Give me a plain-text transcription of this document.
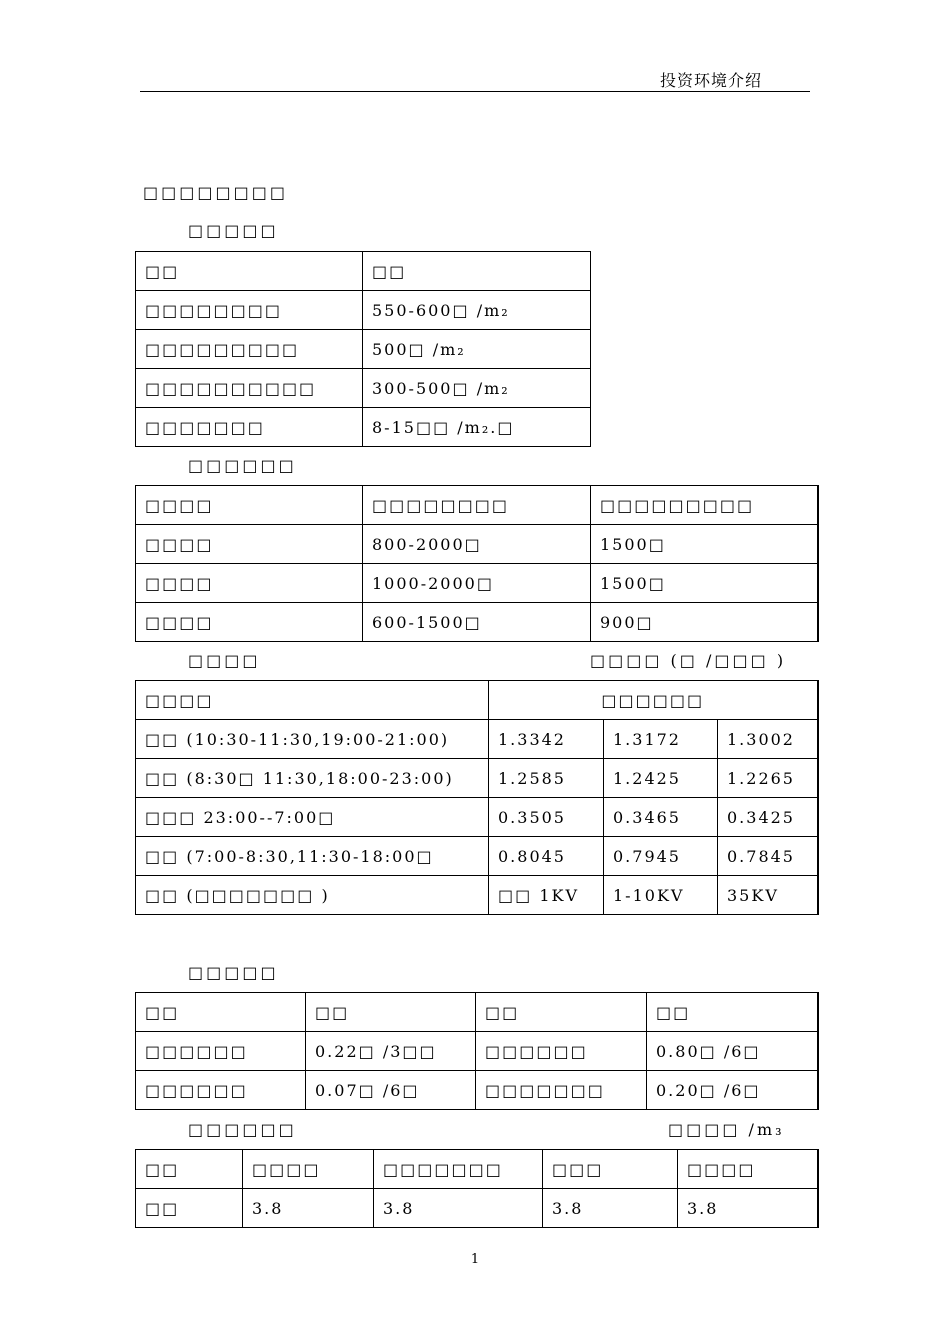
投资环境介绍
□□□□□□□□
□□□□□
□□	□□
□□□□□□□□	550-600□ /m₂
□□□□□□□□□	500□ /m₂
□□□□□□□□□□	300-500□ /m₂
□□□□□□□	8-15□□ /m₂.□
□□□□□□
□□□□	□□□□□□□□	□□□□□□□□□
□□□□	800-2000□	1500□
□□□□	1000-2000□	1500□
□□□□	600-1500□	900□
□□□□	□□□□ (□ /□□□ )
□□□□	□□□□□□		
□□ (10:30-11:30,19:00-21:00)	1.3342	1.3172	1.3002
□□ (8:30□ 11:30,18:00-23:00)	1.2585	1.2425	1.2265
□□□ 23:00--7:00□	0.3505	0.3465	0.3425
□□ (7:00-8:30,11:30-18:00□	0.8045	0.7945	0.7845
□□ (□□□□□□□ )	□□ 1KV	1-10KV	35KV
□□□□□
□□	□□	□□	□□
□□□□□□	0.22□ /3□□	□□□□□□	0.80□ /6□
□□□□□□	0.07□ /6□	□□□□□□□	0.20□ /6□
□□□□□□	□□□□ /m₃
□□	□□□□	□□□□□□□	□□□	□□□□
□□	3.8	3.8	3.8	3.8
1
